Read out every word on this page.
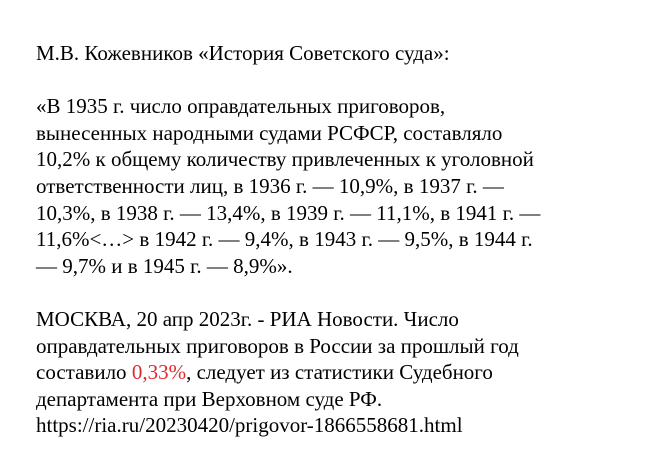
М.В. Кожевников «История Советского суда»:
«В 1935 г. число оправдательных приговоров,
вынесенных народными судами РСФСР, составляло
10,2% к общему количеству привлеченных к уголовной
ответственности лиц, в 1936 г. — 10,9%, в 1937 г. —
10,3%, в 1938 г. — 13,4%, в 1939 г. — 11,1%, в 1941 г. —
11,6%<…> в 1942 г. — 9,4%, в 1943 г. — 9,5%, в 1944 г.
— 9,7% и в 1945 г. — 8,9%».
МОСКВА, 20 апр 2023г. - РИА Новости. Число
оправдательных приговоров в России за прошлый год
составило 0,33%, следует из статистики Судебного
департамента при Верховном суде РФ.
https://ria.ru/20230420/prigovor-1866558681.html
